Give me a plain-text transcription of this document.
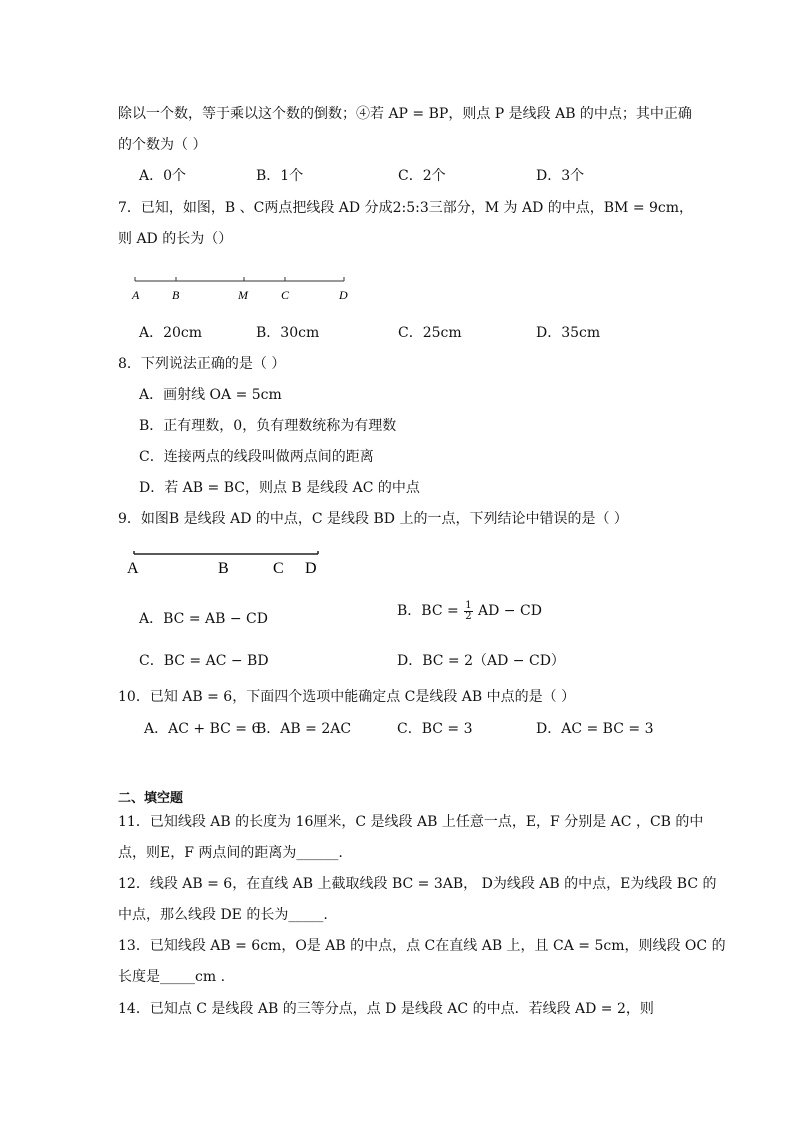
除以一个数，等于乘以这个数的倒数；④若 AP = BP，则点 P 是线段 AB 的中点；其中正确
的个数为（ ）
A．0个	B．1个	C．2个	D．3个
7．已知，如图，B 、C两点把线段 AD 分成2:5:3三部分，M 为 AD 的中点，BM = 9cm，
则 AD 的长为（）
A	B	M	C	D
A．20cm	B．30cm	C．25cm	D．35cm
8．下列说法正确的是（ ）
A．画射线 OA = 5cm
B．正有理数，0，负有理数统称为有理数
C．连接两点的线段叫做两点间的距离
D．若 AB = BC，则点 B 是线段 AC 的中点
9．如图B 是线段 AD 的中点，C 是线段 BD 上的一点，下列结论中错误的是（ ）
A	B	C D
A．BC = AB − CD	B．BC = $\frac{1}{2}$ AD − CD
C．BC = AC − BD	D．BC = 2（AD − CD）
10．已知 AB = 6，下面四个选项中能确定点 C是线段 AB 中点的是（ ）
A．AC + BC = 6
B．AB = 2AC	C．BC = 3	D．AC = BC = 3
二、填空题
11．已知线段 AB 的长度为 16厘米，C 是线段 AB 上任意一点，E，F 分别是 AC ，CB 的中
点，则E，F 两点间的距离为______.
12．线段 AB = 6，在直线 AB 上截取线段 BC = 3AB， D为线段 AB 的中点，E为线段 BC 的
中点，那么线段 DE 的长为_____.
13．已知线段 AB = 6cm，O是 AB 的中点，点 C在直线 AB 上，且 CA = 5cm，则线段 OC 的
长度是_____cm .
14．已知点 C 是线段 AB 的三等分点，点 D 是线段 AC 的中点．若线段 AD = 2，则
